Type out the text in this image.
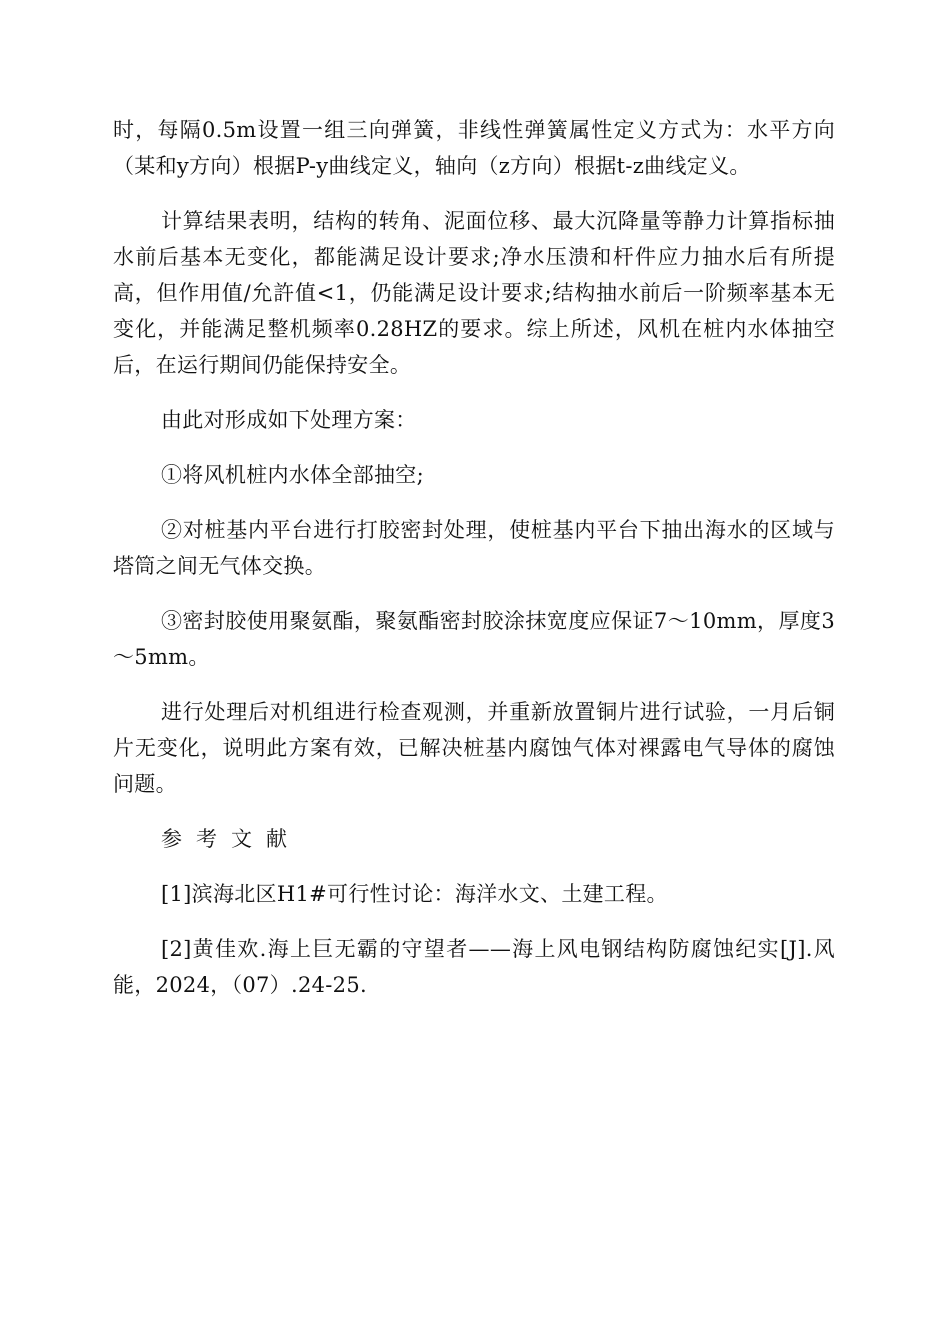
时，每隔0.5m设置一组三向弹簧，非线性弹簧属性定义方式为：水平方向（某和y方向）根据P-y曲线定义，轴向（z方向）根据t-z曲线定义。

计算结果表明，结构的转角、泥面位移、最大沉降量等静力计算指标抽水前后基本无变化，都能满足设计要求;净水压溃和杆件应力抽水后有所提高，但作用值/允許值<1，仍能满足设计要求;结构抽水前后一阶频率基本无变化，并能满足整机频率0.28HZ的要求。综上所述，风机在桩内水体抽空后，在运行期间仍能保持安全。

由此对形成如下处理方案：

①将风机桩内水体全部抽空;

②对桩基内平台进行打胶密封处理，使桩基内平台下抽出海水的区域与塔筒之间无气体交换。

③密封胶使用聚氨酯，聚氨酯密封胶涂抹宽度应保证7～10mm，厚度3～5mm。

进行处理后对机组进行检查观测，并重新放置铜片进行试验，一月后铜片无变化，说明此方案有效，已解决桩基内腐蚀气体对裸露电气导体的腐蚀问题。

参考文献

[1]滨海北区H1#可行性讨论：海洋水文、土建工程。

[2]黄佳欢.海上巨无霸的守望者——海上风电钢结构防腐蚀纪实[J].风能，2024，（07）.24-25.
